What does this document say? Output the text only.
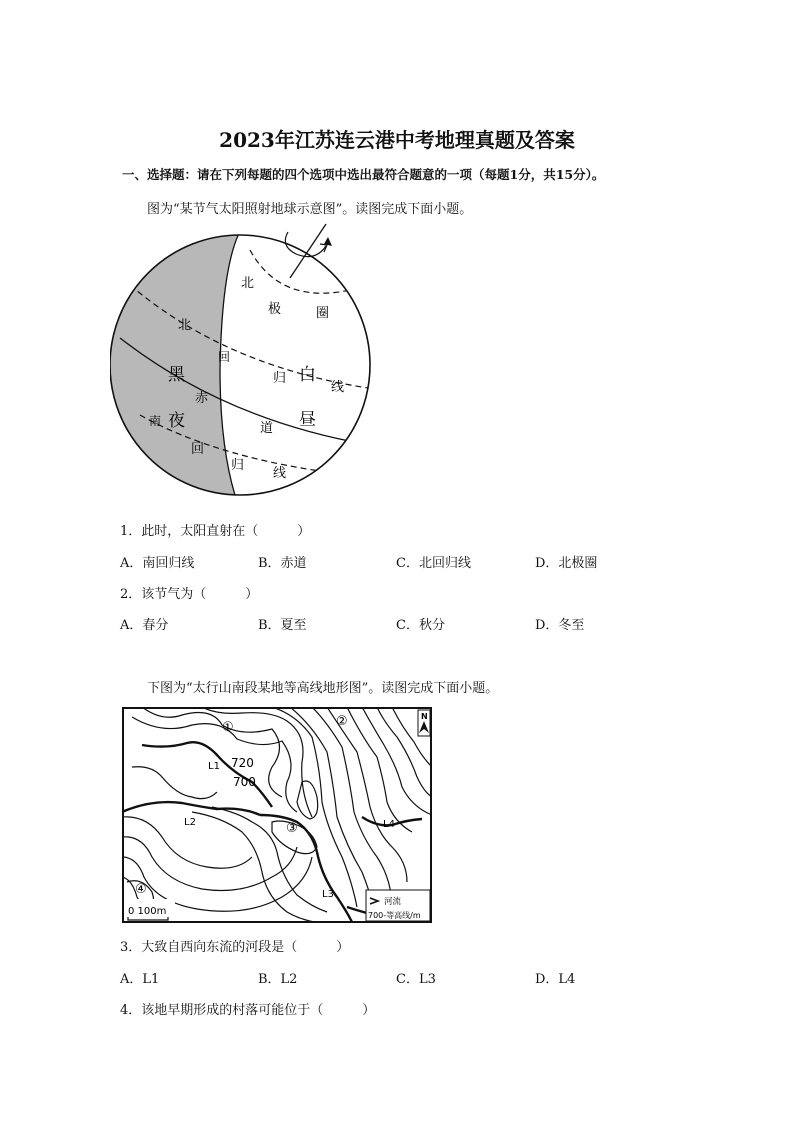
2023年江苏连云港中考地理真题及答案
一、选择题：请在下列每题的四个选项中选出最符合题意的一项（每题1分，共15分）。
图为“某节气太阳照射地球示意图”。读图完成下面小题。
北
极	圈
北
回
归
线
黑
夜
白
昼
赤
道
南
回
归
线
1．此时，太阳直射在（　　　）
A．南回归线	B．赤道	C．北回归线	D．北极圈
2．该节气为（　　　）
A．春分	B．夏至	C．秋分	D．冬至
下图为“太行山南段某地等高线地形图”。读图完成下面小题。
N
①	②
③
④
L1
L2
L3
L4
720
700
0 100m
河流
700-等高线/m
3．大致自西向东流的河段是（　　　）
A．L1	B．L2	C．L3	D．L4
4．该地早期形成的村落可能位于（　　　）
